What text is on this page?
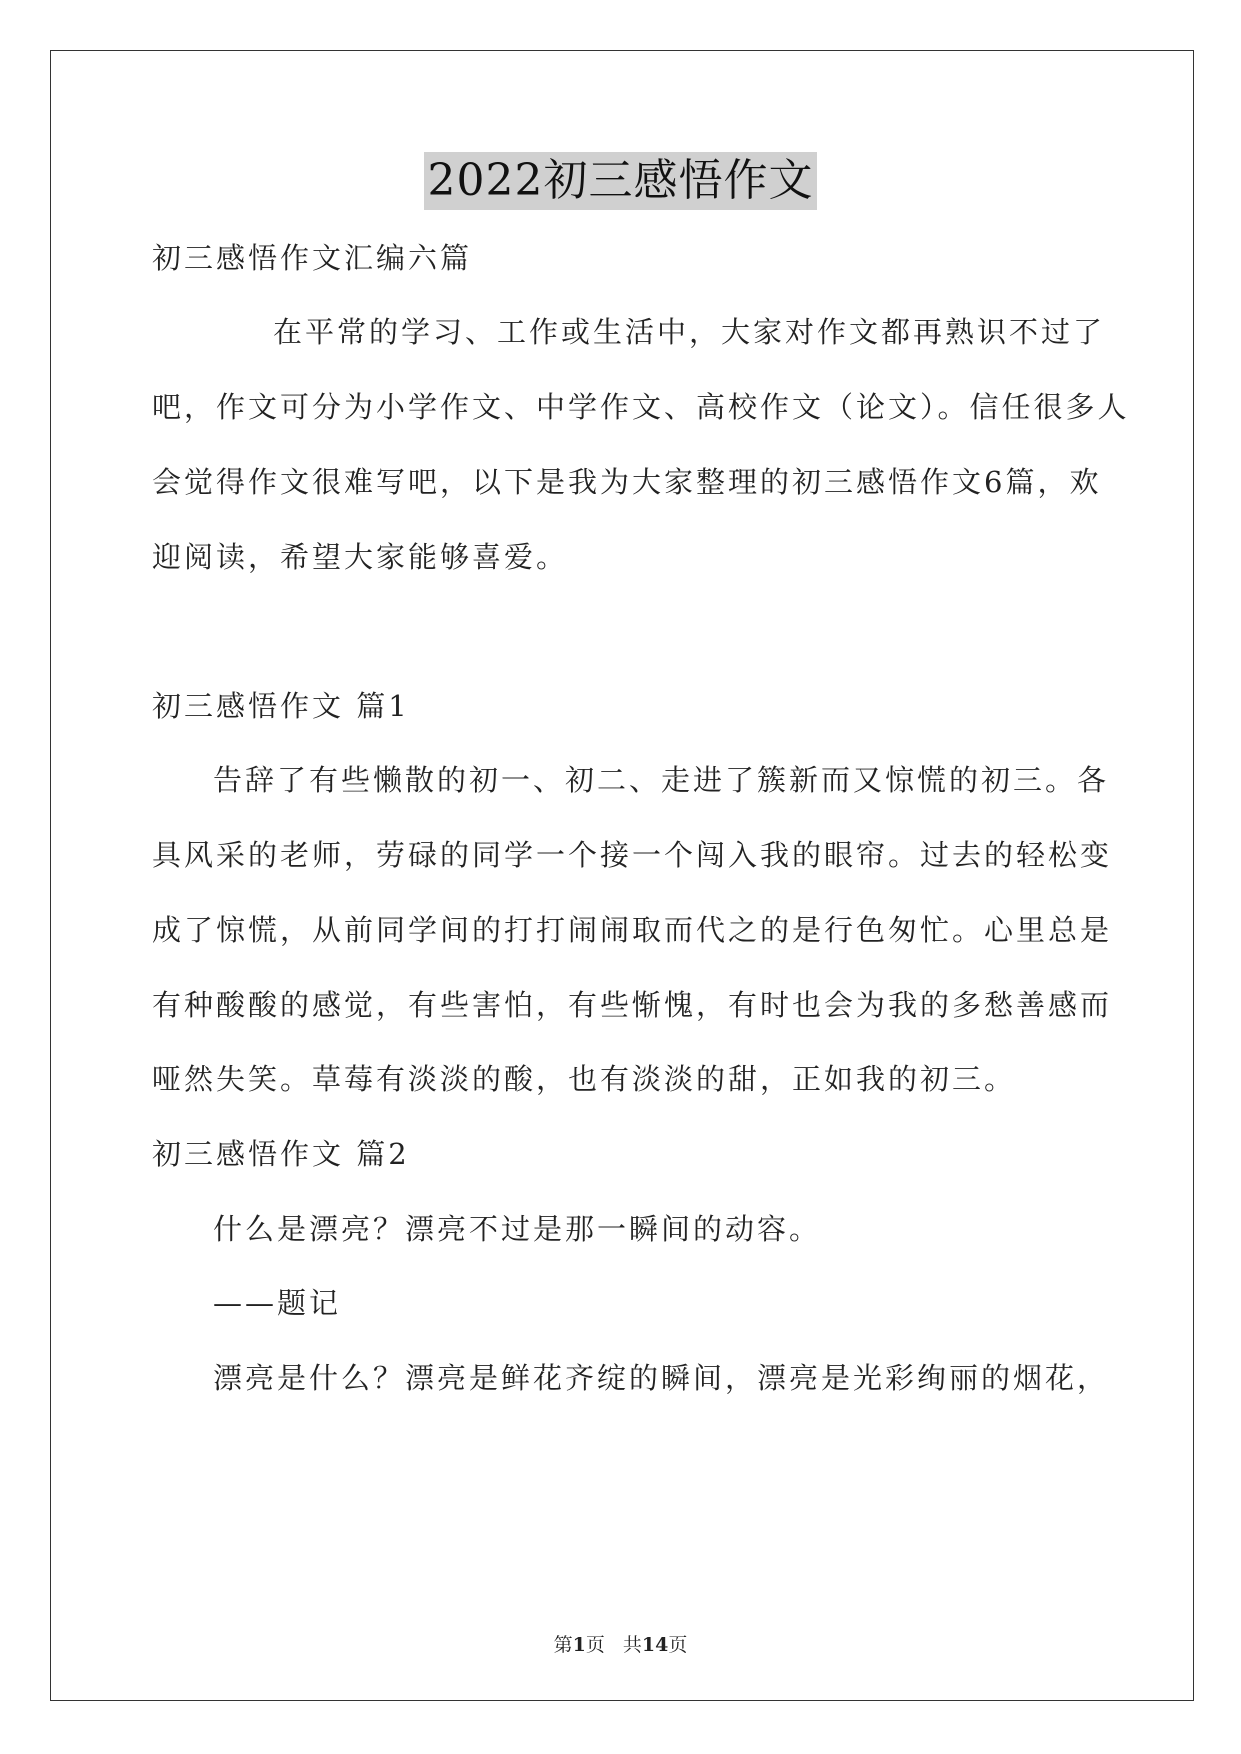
2022初三感悟作文
初三感悟作文汇编六篇
在平常的学习、工作或生活中，大家对作文都再熟识不过了
吧，作文可分为小学作文、中学作文、高校作文（论文）。信任很多人
会觉得作文很难写吧，以下是我为大家整理的初三感悟作文6篇，欢
迎阅读，希望大家能够喜爱。
初三感悟作文 篇1
告辞了有些懒散的初一、初二、走进了簇新而又惊慌的初三。各
具风采的老师，劳碌的同学一个接一个闯入我的眼帘。过去的轻松变
成了惊慌，从前同学间的打打闹闹取而代之的是行色匆忙。心里总是
有种酸酸的感觉，有些害怕，有些惭愧，有时也会为我的多愁善感而
哑然失笑。草莓有淡淡的酸，也有淡淡的甜，正如我的初三。
初三感悟作文 篇2
什么是漂亮？漂亮不过是那一瞬间的动容。
——题记
漂亮是什么？漂亮是鲜花齐绽的瞬间，漂亮是光彩绚丽的烟花，
第1页 共14页
